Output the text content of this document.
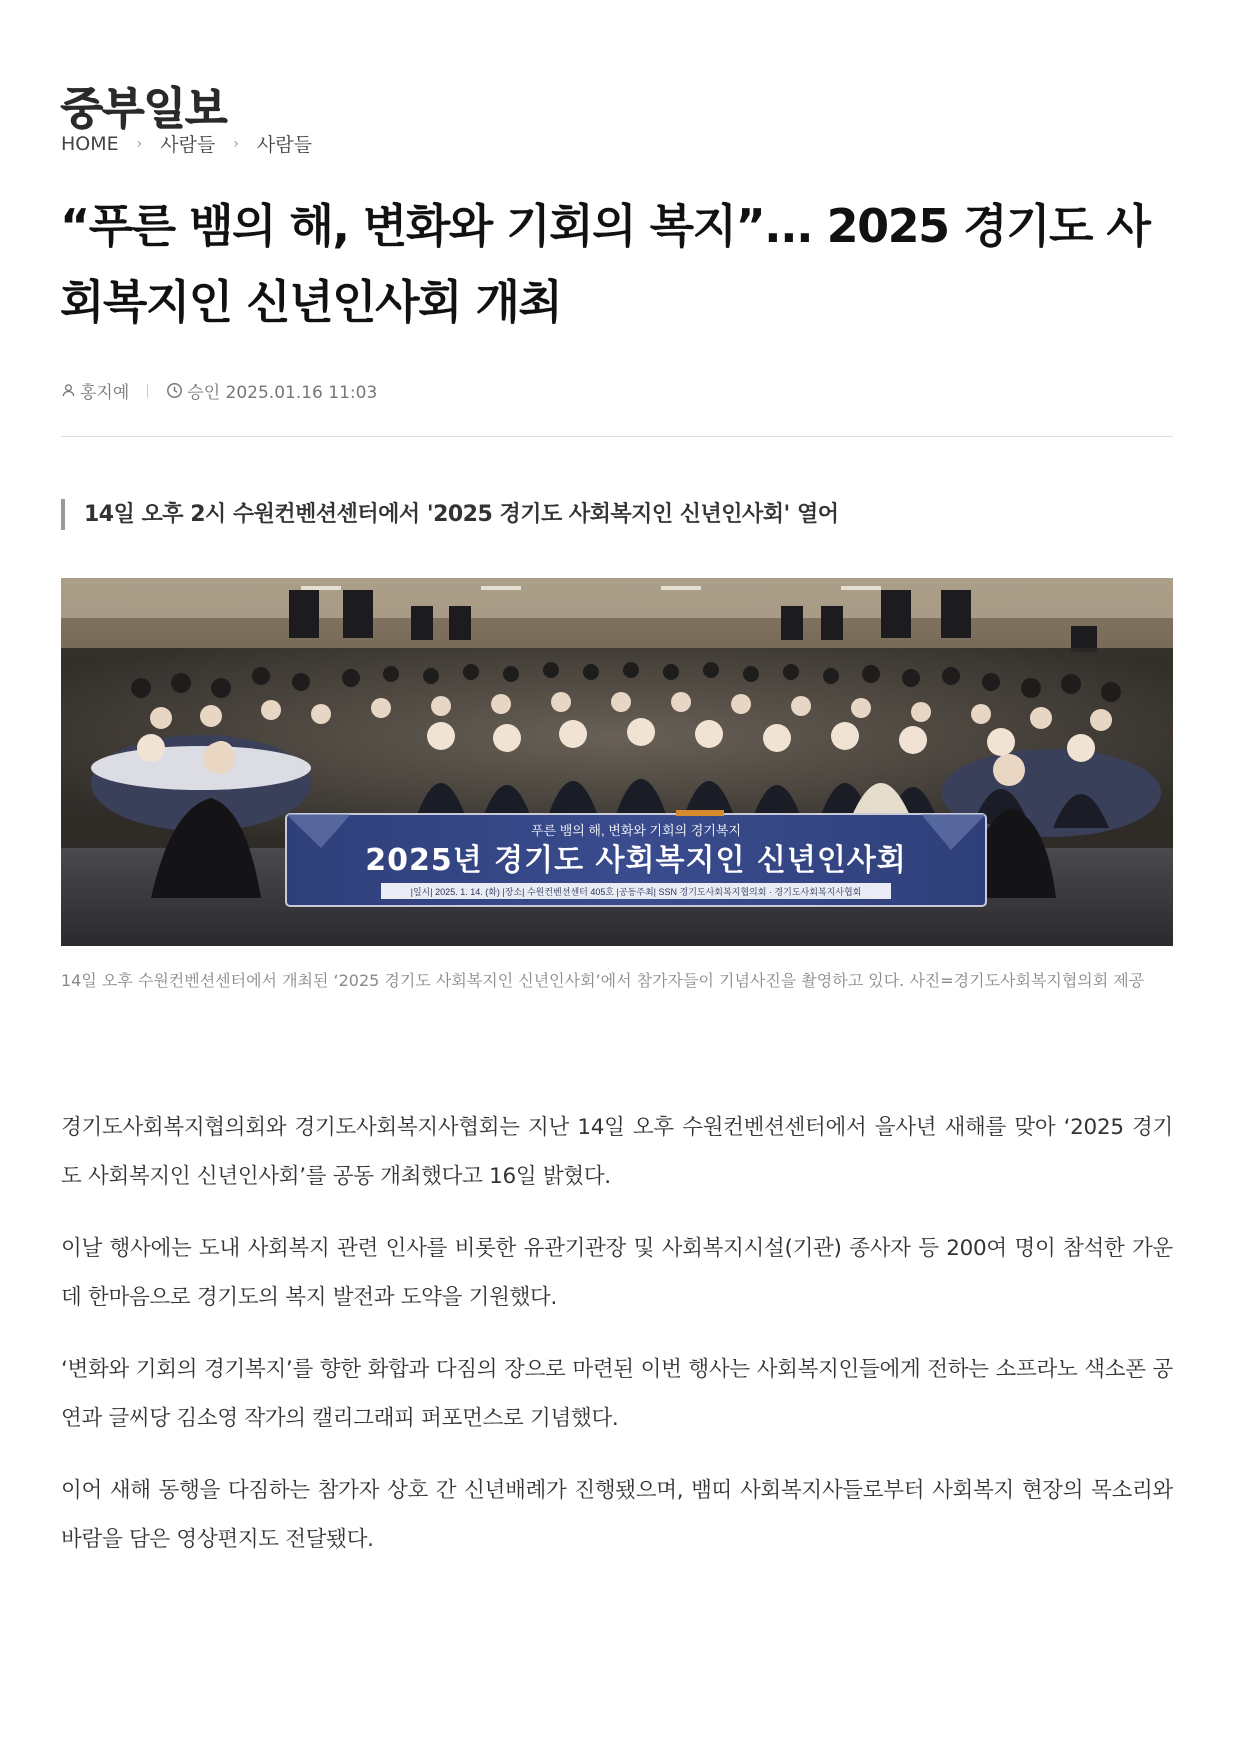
중부일보
HOME › 사람들 › 사람들
“푸른 뱀의 해, 변화와 기회의 복지”... 2025 경기도 사회복지인 신년인사회 개최
홍지예	승인 2025.01.16 11:03
14일 오후 2시 수원컨벤션센터에서 '2025 경기도 사회복지인 신년인사회' 열어
푸른 뱀의 해, 변화와 기회의 경기복지
2025년 경기도 사회복지인 신년인사회
|일시| 2025. 1. 14. (화) |장소| 수원컨벤션센터 405호 |공동주최| SSN 경기도사회복지협의회 · 경기도사회복지사협회
14일 오후 수원컨벤션센터에서 개최된 ‘2025 경기도 사회복지인 신년인사회’에서 참가자들이 기념사진을 촬영하고 있다. 사진=경기도사회복지협의회 제공

경기도사회복지협의회와 경기도사회복지사협회는 지난 14일 오후 수원컨벤션센터에서 을사년 새해를 맞아 ‘2025 경기도 사회복지인 신년인사회’를 공동 개최했다고 16일 밝혔다.

이날 행사에는 도내 사회복지 관련 인사를 비롯한 유관기관장 및 사회복지시설(기관) 종사자 등 200여 명이 참석한 가운데 한마음으로 경기도의 복지 발전과 도약을 기원했다.

‘변화와 기회의 경기복지’를 향한 화합과 다짐의 장으로 마련된 이번 행사는 사회복지인들에게 전하는 소프라노 색소폰 공연과 글씨당 김소영 작가의 캘리그래피 퍼포먼스로 기념했다.

이어 새해 동행을 다짐하는 참가자 상호 간 신년배례가 진행됐으며, 뱀띠 사회복지사들로부터 사회복지 현장의 목소리와 바람을 담은 영상편지도 전달됐다.
